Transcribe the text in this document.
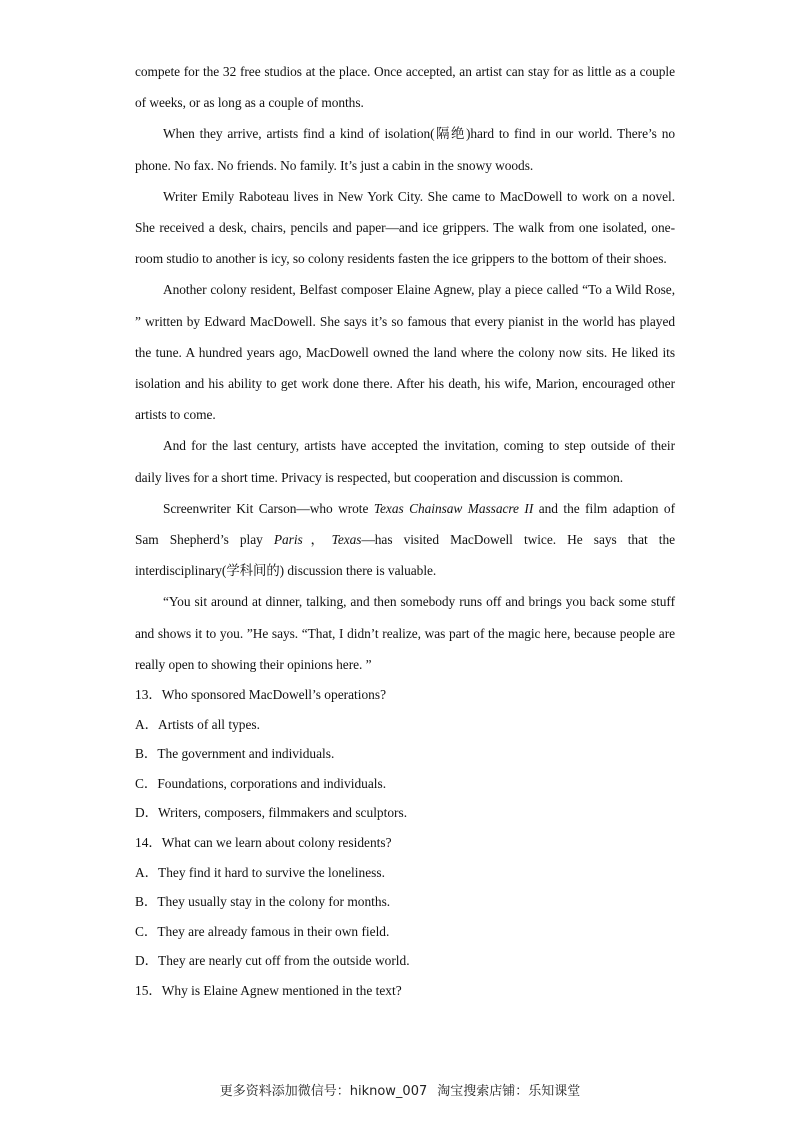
compete for the 32 free studios at the place. Once accepted, an artist can stay for as little as a couple of weeks, or as long as a couple of months.

When they arrive, artists find a kind of isolation(隔绝)hard to find in our world. There’s no phone. No fax. No friends. No family. It’s just a cabin in the snowy woods.

Writer Emily Raboteau lives in New York City. She came to MacDowell to work on a novel. She received a desk, chairs, pencils and paper—and ice grippers. The walk from one isolated, one-room studio to another is icy, so colony residents fasten the ice grippers to the bottom of their shoes.

Another colony resident, Belfast composer Elaine Agnew, play a piece called “To a Wild Rose, ” written by Edward MacDowell. She says it’s so famous that every pianist in the world has played the tune. A hundred years ago, MacDowell owned the land where the colony now sits. He liked its isolation and his ability to get work done there. After his death, his wife, Marion, encouraged other artists to come.

And for the last century, artists have accepted the invitation, coming to step outside of their daily lives for a short time. Privacy is respected, but cooperation and discussion is common.

Screenwriter Kit Carson—who wrote Texas Chainsaw Massacre II and the film adaption of Sam Shepherd’s play Paris，Texas—has visited MacDowell twice. He says that the interdisciplinary(学科间的) discussion there is valuable.

“You sit around at dinner, talking, and then somebody runs off and brings you back some stuff and shows it to you. ”He says. “That, I didn’t realize, was part of the magic here, because people are really open to showing their opinions here. ”

13．Who sponsored MacDowell’s operations?

A．Artists of all types.

B．The government and individuals.

C．Foundations, corporations and individuals.

D．Writers, composers, filmmakers and sculptors.

14．What can we learn about colony residents?

A．They find it hard to survive the loneliness.

B．They usually stay in the colony for months.

C．They are already famous in their own field.

D．They are nearly cut off from the outside world.

15．Why is Elaine Agnew mentioned in the text?

更多资料添加微信号：hiknow_007 淘宝搜索店铺：乐知课堂
